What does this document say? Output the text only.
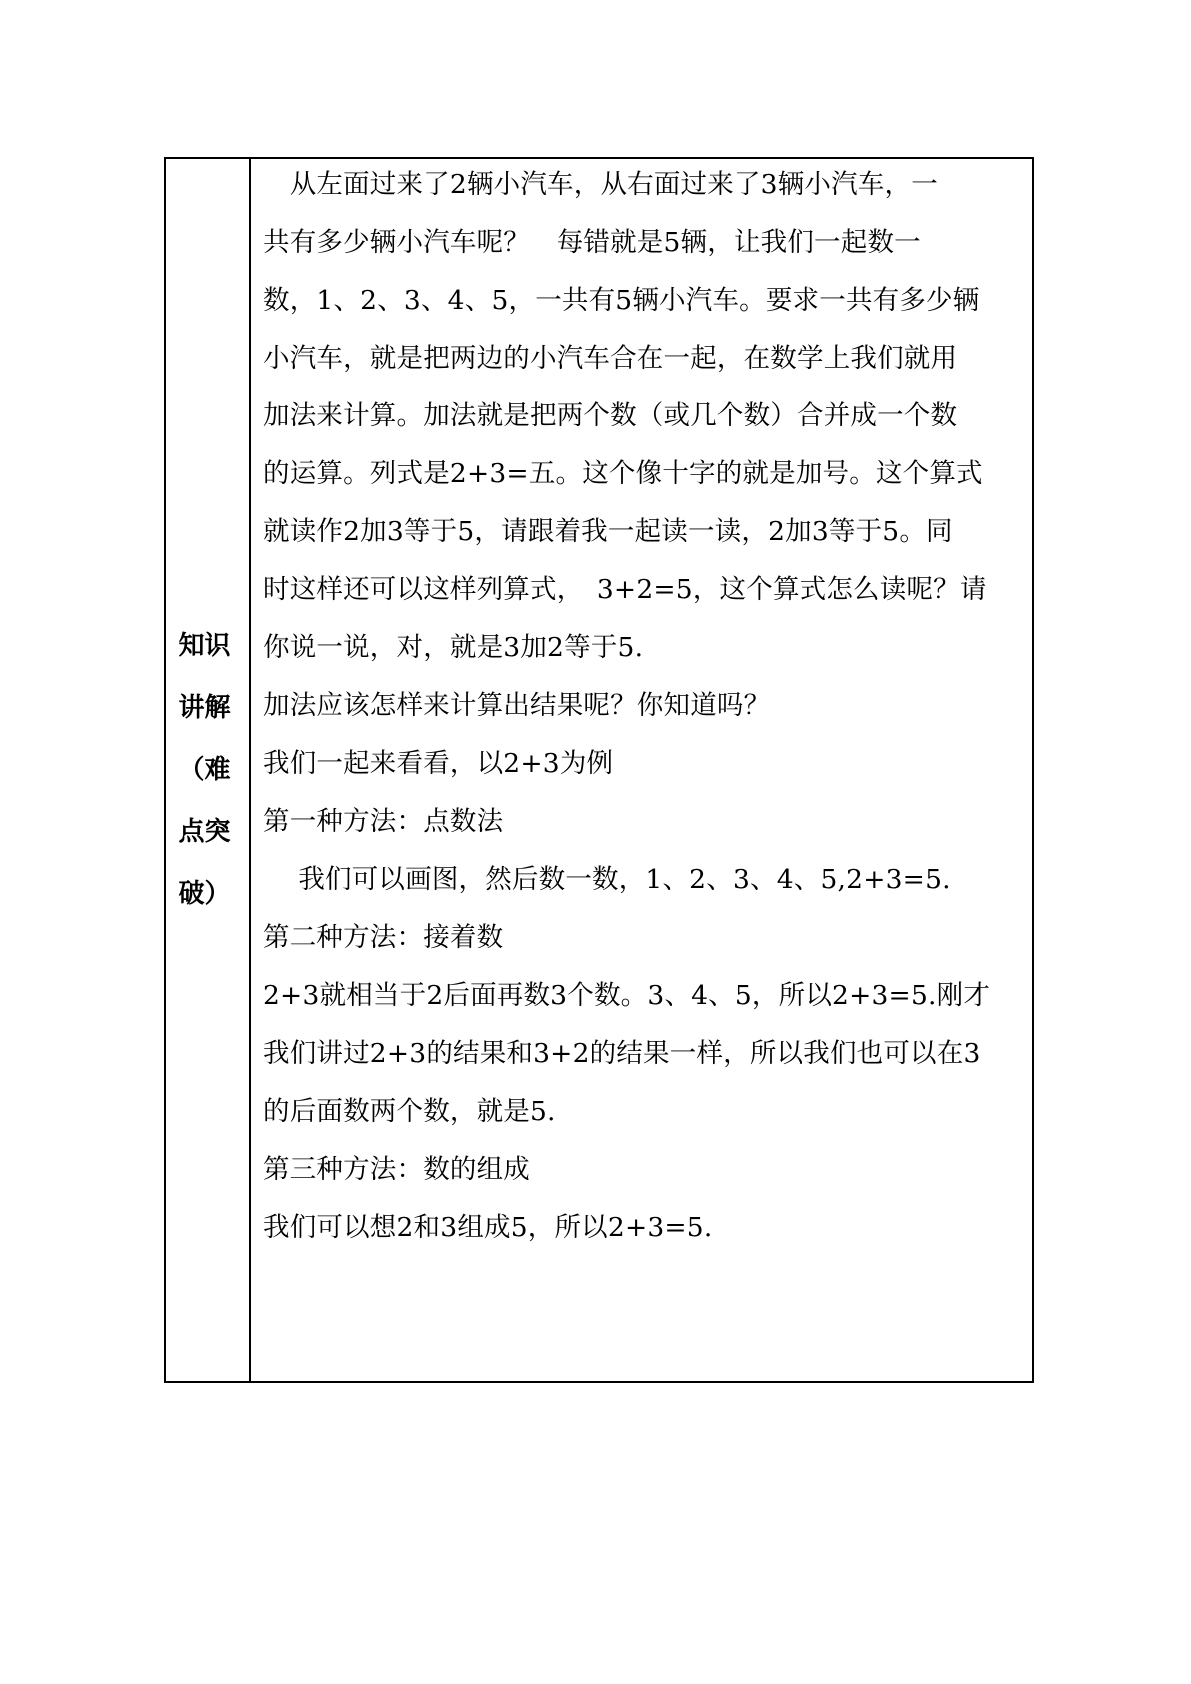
知识讲解（难点突破）

　从左面过来了2辆小汽车，从右面过来了3辆小汽车，一
共有多少辆小汽车呢？　每错就是5辆，让我们一起数一
数，1、2、3、4、5，一共有5辆小汽车。要求一共有多少辆
小汽车，就是把两边的小汽车合在一起，在数学上我们就用
加法来计算。加法就是把两个数（或几个数）合并成一个数
的运算。列式是2+3=五。这个像十字的就是加号。这个算式
就读作2加3等于5，请跟着我一起读一读，2加3等于5。同
时这样还可以这样列算式，　3+2=5，这个算式怎么读呢？请
你说一说，对，就是3加2等于5.
加法应该怎样来计算出结果呢？你知道吗？
我们一起来看看，以2+3为例
第一种方法：点数法
　 我们可以画图，然后数一数，1、2、3、4、5,2+3=5.
第二种方法：接着数
2+3就相当于2后面再数3个数。3、4、5，所以2+3=5.刚才
我们讲过2+3的结果和3+2的结果一样，所以我们也可以在3
的后面数两个数，就是5.
第三种方法：数的组成
我们可以想2和3组成5，所以2+3=5.
